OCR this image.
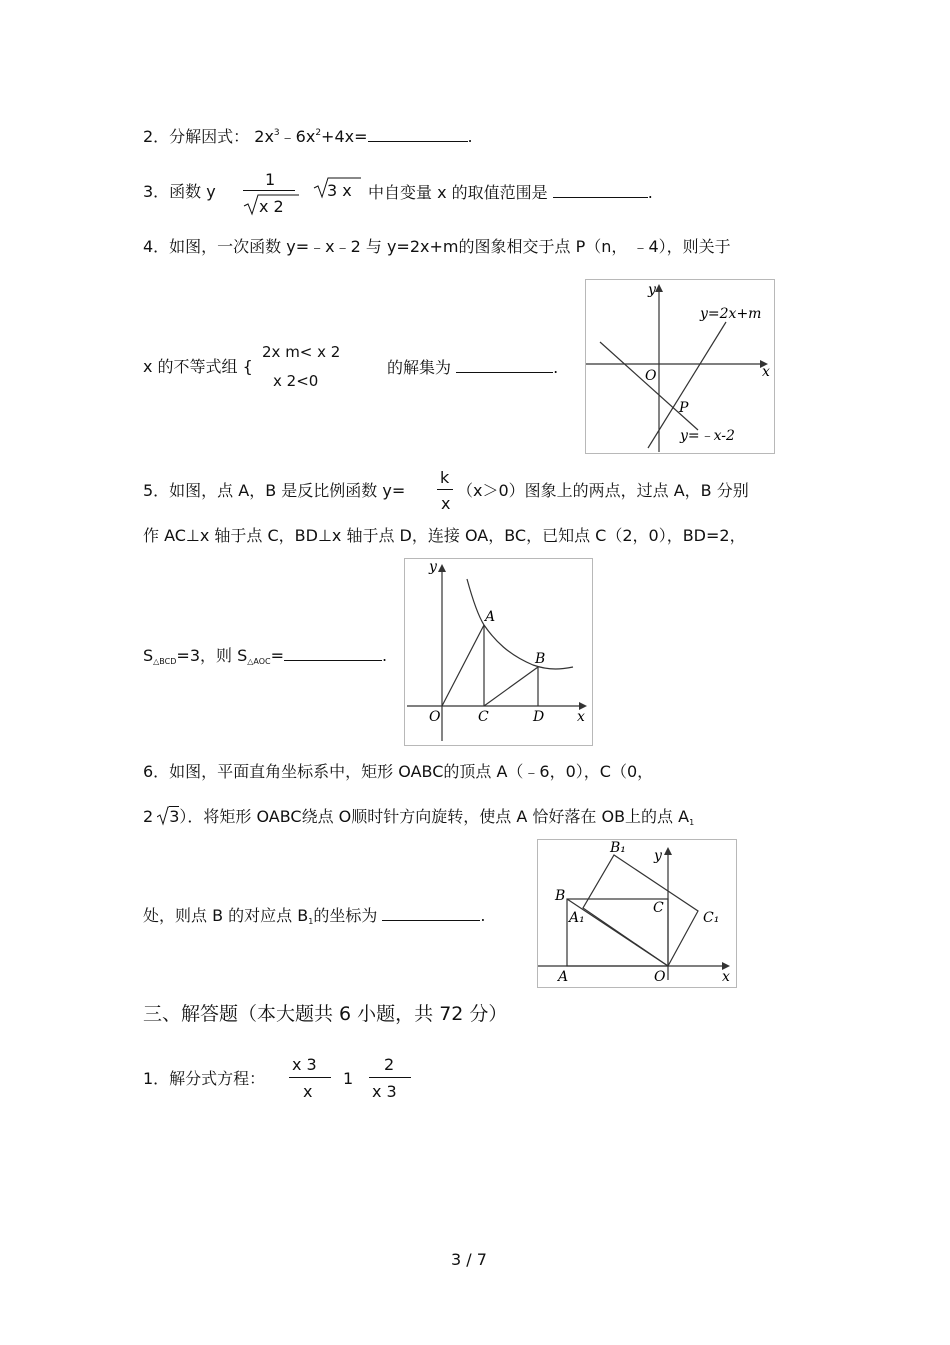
2．分解因式： $2x^3﹣6x^2+4x=$	.
3．函数 y
1
x 2
3 x 中自变量 x 的取值范围是	.
4．如图，一次函数 y=﹣x﹣2 与 y=2x+m的图象相交于点 P（n， ﹣4），则关于
x 的不等式组 {
2x m< x 2
x 2<0
的解集为	.
y=2x+m
y=﹣x-2
O
P
x
y
5．如图，点 A，B 是反比例函数 y=
k
x
（x＞0）图象上的两点，过点 A，B 分别
作 AC⊥x 轴于点 C，BD⊥x 轴于点 D，连接 OA，BC，已知点 C（2，0），BD=2，
S△BCD=3，则 S△AOC=	.
A
B
C	D
O	x
y
6．如图，平面直角坐标系中，矩形 OABC的顶点 A（﹣6，0），C（0，
2 3）．将矩形 OABC绕点 O顺时针方向旋转，使点 A 恰好落在 OB上的点 A1
处，则点 B 的对应点 B1的坐标为	.
B₁
B
A₁
C
C₁
A	O	x
y
三、解答题（本大题共 6 小题，共 72 分）
1．解分式方程：
x 3
x
1
2
x 3
3 / 7
